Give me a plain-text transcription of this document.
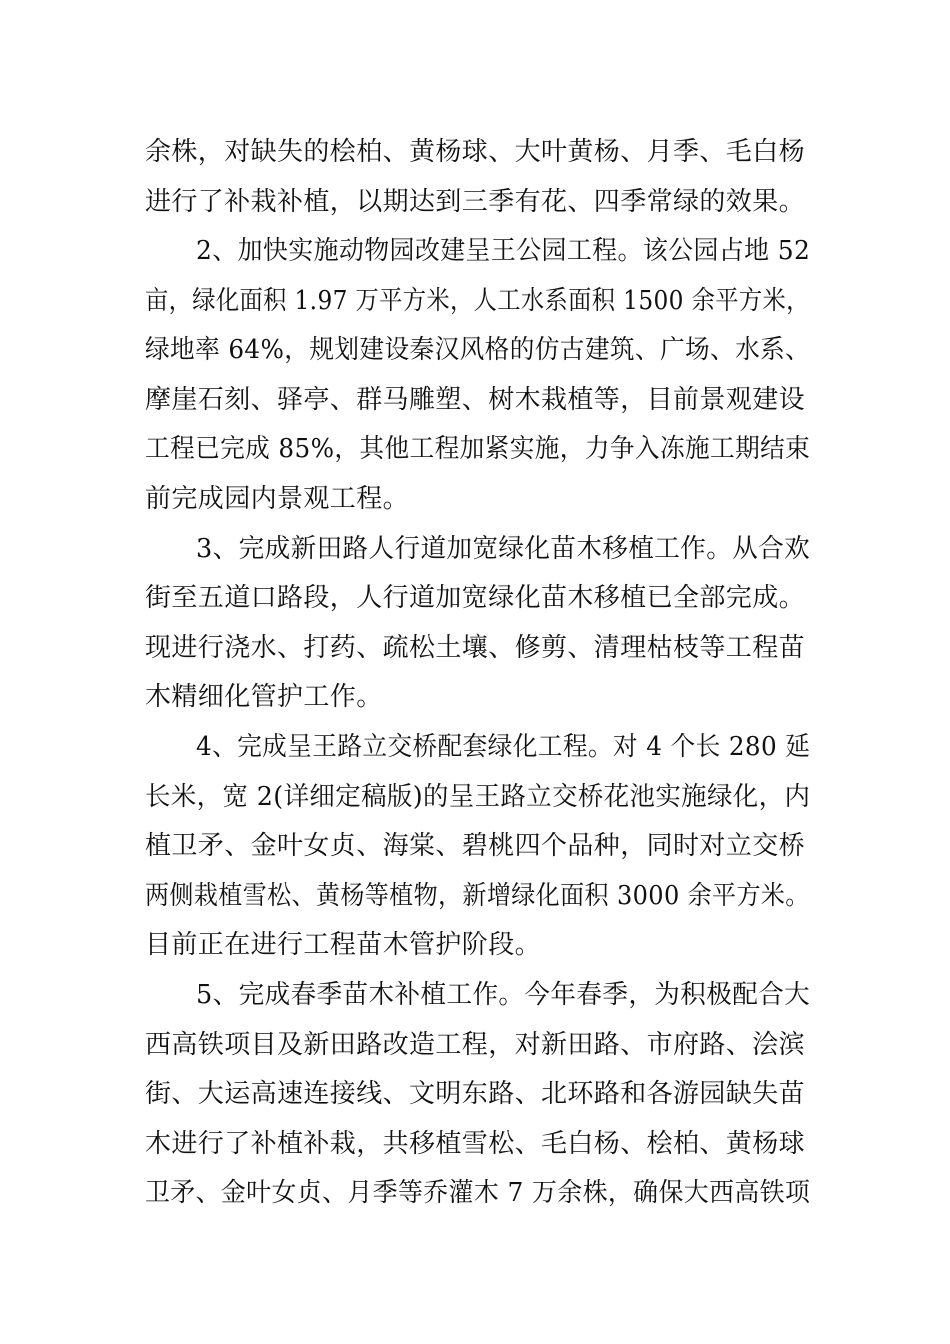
余株，对缺失的桧柏、黄杨球、大叶黄杨、月季、毛白杨
进行了补栽补植，以期达到三季有花、四季常绿的效果。
2、加快实施动物园改建呈王公园工程。该公园占地 52
亩，绿化面积 1.97 万平方米，人工水系面积 1500 余平方米，
绿地率 64%，规划建设秦汉风格的仿古建筑、广场、水系、
摩崖石刻、驿亭、群马雕塑、树木栽植等，目前景观建设
工程已完成 85%，其他工程加紧实施，力争入冻施工期结束
前完成园内景观工程。
3、完成新田路人行道加宽绿化苗木移植工作。从合欢
街至五道口路段，人行道加宽绿化苗木移植已全部完成。
现进行浇水、打药、疏松土壤、修剪、清理枯枝等工程苗
木精细化管护工作。
4、完成呈王路立交桥配套绿化工程。对 4 个长 280 延
长米，宽 2(详细定稿版)的呈王路立交桥花池实施绿化，内
植卫矛、金叶女贞、海棠、碧桃四个品种，同时对立交桥
两侧栽植雪松、黄杨等植物，新增绿化面积 3000 余平方米。
目前正在进行工程苗木管护阶段。
5、完成春季苗木补植工作。今年春季，为积极配合大
西高铁项目及新田路改造工程，对新田路、市府路、浍滨
街、大运高速连接线、文明东路、北环路和各游园缺失苗
木进行了补植补栽，共移植雪松、毛白杨、桧柏、黄杨球
卫矛、金叶女贞、月季等乔灌木 7 万余株，确保大西高铁项
